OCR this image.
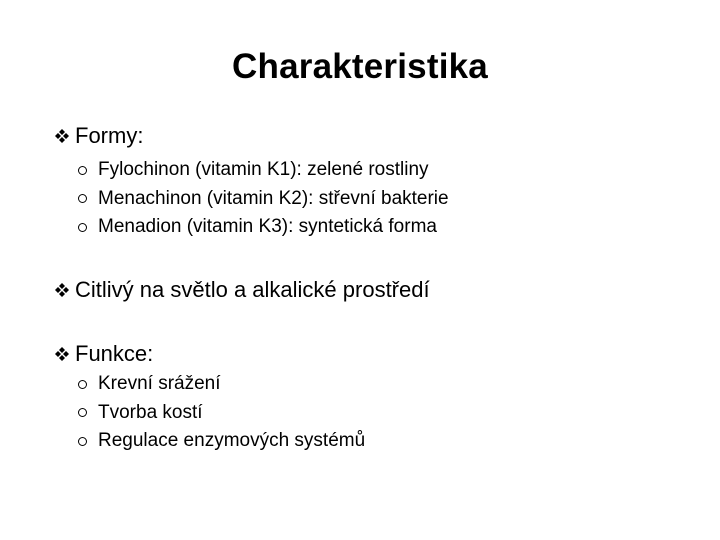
Charakteristika
Formy:
Fylochinon (vitamin K1): zelené rostliny
Menachinon (vitamin K2): střevní bakterie
Menadion (vitamin K3): syntetická forma
Citlivý na světlo a alkalické prostředí
Funkce:
Krevní srážení
Tvorba kostí
Regulace enzymových systémů
